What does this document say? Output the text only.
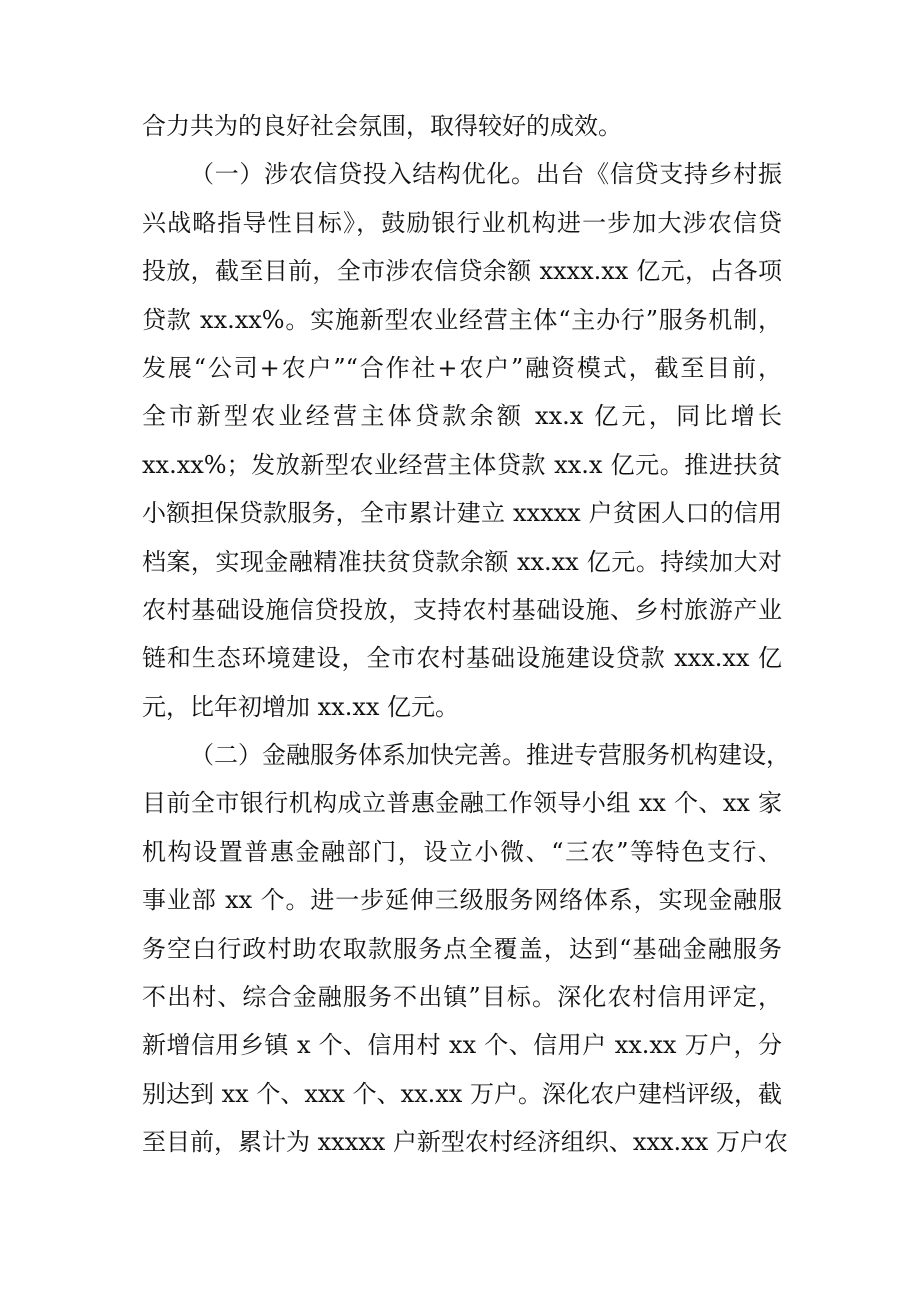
合力共为的良好社会氛围，取得较好的成效。
（一）涉农信贷投入结构优化。出台《信贷支持乡村振
兴战略指导性目标》，鼓励银行业机构进一步加大涉农信贷
投放，截至目前，全市涉农信贷余额 xxxx.xx 亿元，占各项
贷款 xx.xx%。实施新型农业经营主体“主办行”服务机制，
发展“公司+农户”“合作社+农户”融资模式，截至目前，
全市新型农业经营主体贷款余额 xx.x 亿元，同比增长
xx.xx%；发放新型农业经营主体贷款 xx.x 亿元。推进扶贫
小额担保贷款服务，全市累计建立 xxxxx 户贫困人口的信用
档案，实现金融精准扶贫贷款余额 xx.xx 亿元。持续加大对
农村基础设施信贷投放，支持农村基础设施、乡村旅游产业
链和生态环境建设，全市农村基础设施建设贷款 xxx.xx 亿
元，比年初增加 xx.xx 亿元。
（二）金融服务体系加快完善。推进专营服务机构建设，
目前全市银行机构成立普惠金融工作领导小组 xx 个、xx 家
机构设置普惠金融部门，设立小微、“三农”等特色支行、
事业部 xx 个。进一步延伸三级服务网络体系，实现金融服
务空白行政村助农取款服务点全覆盖，达到“基础金融服务
不出村、综合金融服务不出镇”目标。深化农村信用评定，
新增信用乡镇 x 个、信用村 xx 个、信用户 xx.xx 万户，分
别达到 xx 个、xxx 个、xx.xx 万户。深化农户建档评级，截
至目前，累计为 xxxxx 户新型农村经济组织、xxx.xx 万户农
